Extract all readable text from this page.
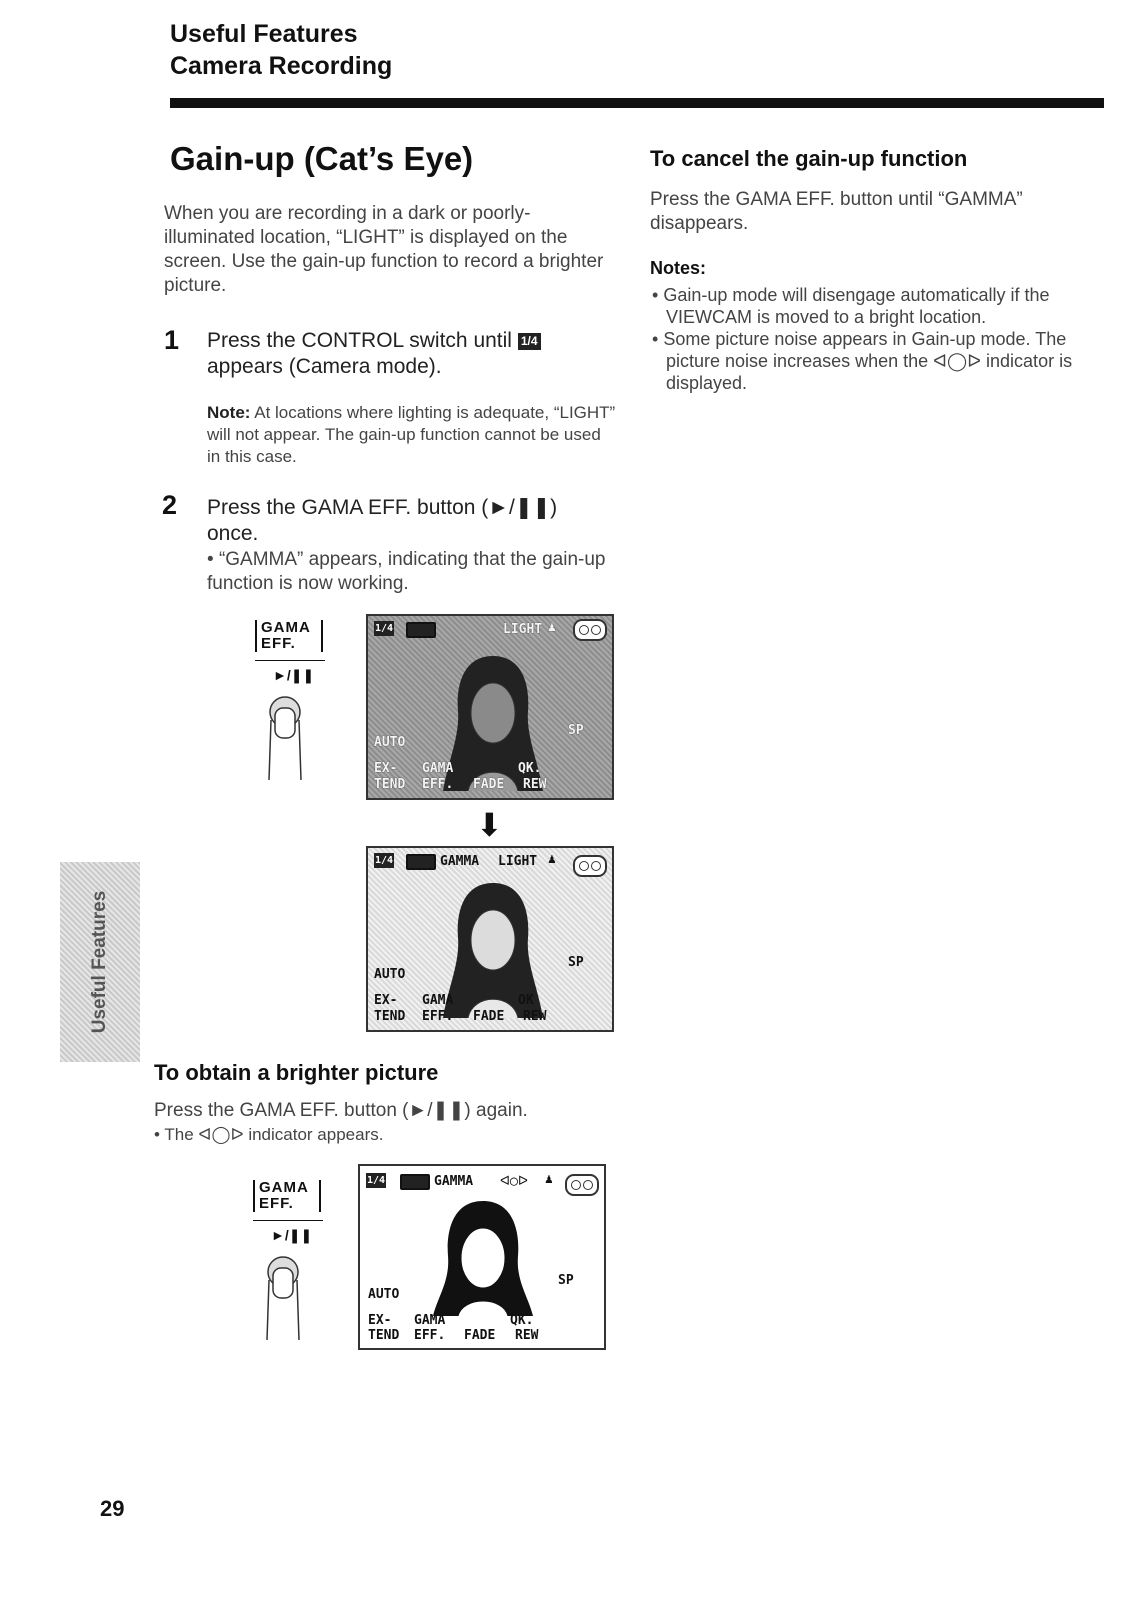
Useful Features
Camera Recording
Gain-up (Cat’s Eye)
When you are recording in a dark or poorly-illuminated location, “LIGHT” is displayed on the screen. Use the gain-up function to record a brighter picture.
1 Press the CONTROL switch until 1/4
appears (Camera mode).
Note: At locations where lighting is adequate, “LIGHT” will not appear. The gain-up function cannot be used in this case.
2 Press the GAMA EFF. button (►/❚❚) once.
• “GAMMA” appears, indicating that the gain-up function is now working.
GAMA
EFF.
►/❚❚
1/4	LIGHT ♟
AUTO
SP
EX-
TEND
GAMA
EFF. FADE
QK.
REW
⬇
1/4	GAMMA LIGHT ♟
AUTO
SP
EX-
TEND
GAMA
EFF. FADE
OK
REW
Useful Features
To obtain a brighter picture
Press the GAMA EFF. button (►/❚❚) again.
• The ᐊ◯ᐅ indicator appears.
GAMA
EFF.
►/❚❚
1/4	GAMMA ᐊ◯ᐅ ♟
AUTO
SP
EX-
TEND
GAMA
EFF. FADE
QK.
REW
To cancel the gain-up function
Press the GAMA EFF. button until “GAMMA” disappears.
Notes:
• Gain-up mode will disengage automatically if the VIEWCAM is moved to a bright location.
• Some picture noise appears in Gain-up mode. The picture noise increases when the ᐊ◯ᐅ indicator is displayed.
29
